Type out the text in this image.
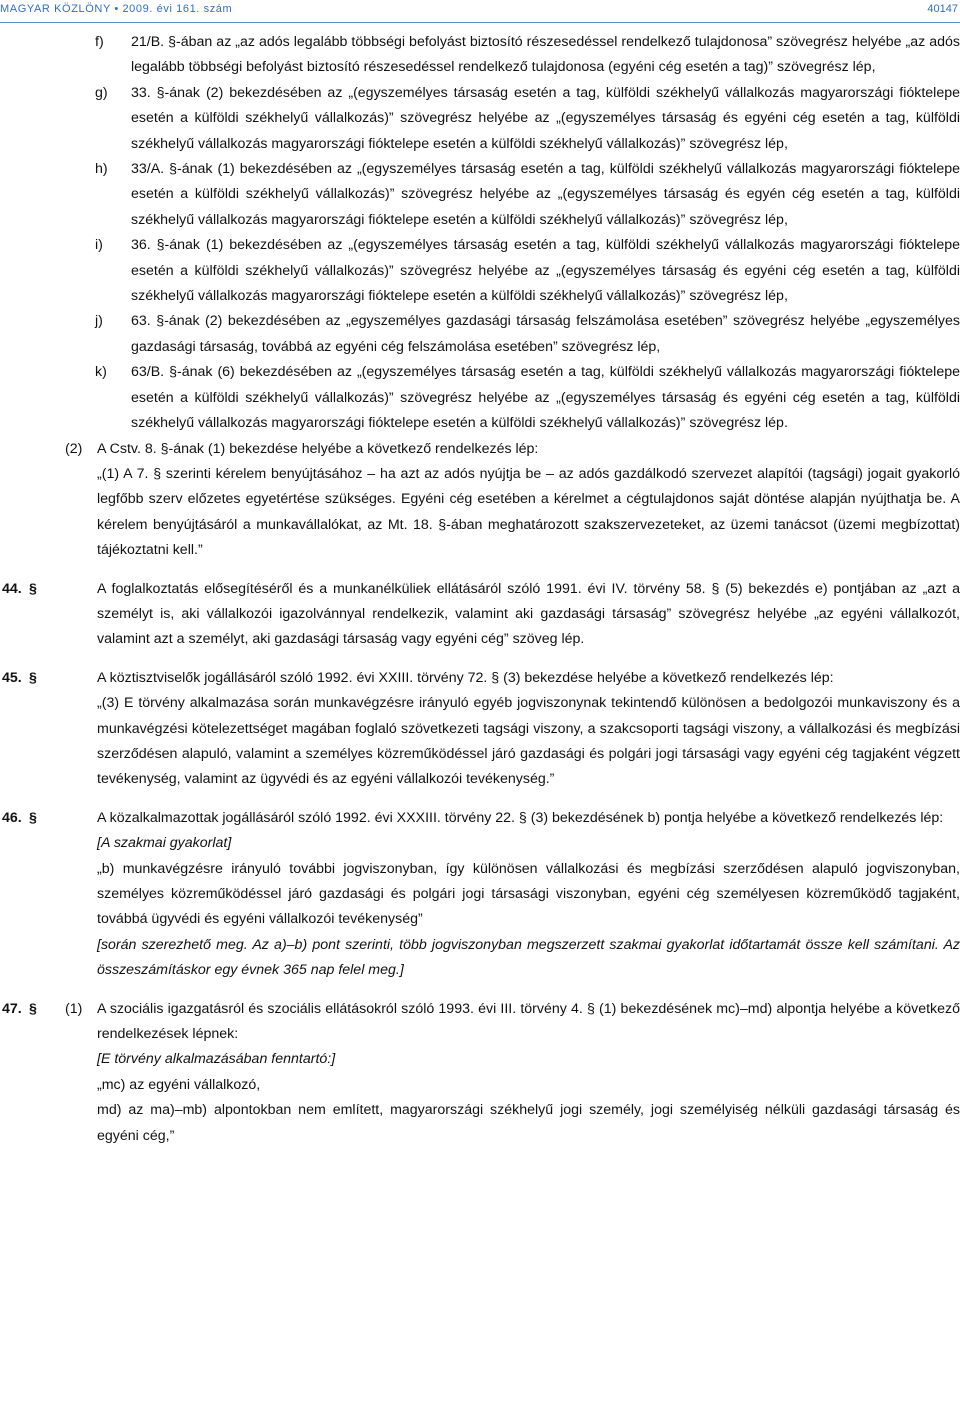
MAGYAR KÖZLÖNY • 2009. évi 161. szám	40147
f) 21/B. §-ában az „az adós legalább többségi befolyást biztosító részesedéssel rendelkező tulajdonosa” szövegrész helyébe „az adós legalább többségi befolyást biztosító részesedéssel rendelkező tulajdonosa (egyéni cég esetén a tag)” szövegrész lép,
g) 33. §-ának (2) bekezdésében az „(egyszemélyes társaság esetén a tag, külföldi székhelyű vállalkozás magyarországi fióktelepe esetén a külföldi székhelyű vállalkozás)” szövegrész helyébe az „(egyszemélyes társaság és egyéni cég esetén a tag, külföldi székhelyű vállalkozás magyarországi fióktelepe esetén a külföldi székhelyű vállalkozás)” szövegrész lép,
h) 33/A. §-ának (1) bekezdésében az „(egyszemélyes társaság esetén a tag, külföldi székhelyű vállalkozás magyarországi fióktelepe esetén a külföldi székhelyű vállalkozás)” szövegrész helyébe az „(egyszemélyes társaság és egyén cég esetén a tag, külföldi székhelyű vállalkozás magyarországi fióktelepe esetén a külföldi székhelyű vállalkozás)” szövegrész lép,
i) 36. §-ának (1) bekezdésében az „(egyszemélyes társaság esetén a tag, külföldi székhelyű vállalkozás magyarországi fióktelepe esetén a külföldi székhelyű vállalkozás)” szövegrész helyébe az „(egyszemélyes társaság és egyéni cég esetén a tag, külföldi székhelyű vállalkozás magyarországi fióktelepe esetén a külföldi székhelyű vállalkozás)” szövegrész lép,
j) 63. §-ának (2) bekezdésében az „egyszemélyes gazdasági társaság felszámolása esetében” szövegrész helyébe „egyszemélyes gazdasági társaság, továbbá az egyéni cég felszámolása esetében” szövegrész lép,
k) 63/B. §-ának (6) bekezdésében az „(egyszemélyes társaság esetén a tag, külföldi székhelyű vállalkozás magyarországi fióktelepe esetén a külföldi székhelyű vállalkozás)” szövegrész helyébe az „(egyszemélyes társaság és egyéni cég esetén a tag, külföldi székhelyű vállalkozás magyarországi fióktelepe esetén a külföldi székhelyű vállalkozás)” szövegrész lép.
(2) A Cstv. 8. §-ának (1) bekezdése helyébe a következő rendelkezés lép:
„(1) A 7. § szerinti kérelem benyújtásához – ha azt az adós nyújtja be – az adós gazdálkodó szervezet alapítói (tagsági) jogait gyakorló legfőbb szerv előzetes egyetértése szükséges. Egyéni cég esetében a kérelmet a cégtulajdonos saját döntése alapján nyújthatja be. A kérelem benyújtásáról a munkavállalókat, az Mt. 18. §-ában meghatározott szakszervezeteket, az üzemi tanácsot (üzemi megbízottat) tájékoztatni kell.”
44. §	A foglalkoztatás elősegítéséről és a munkanélküliek ellátásáról szóló 1991. évi IV. törvény 58. § (5) bekezdés e) pontjában az „azt a személyt is, aki vállalkozói igazolvánnyal rendelkezik, valamint aki gazdasági társaság” szövegrész helyébe „az egyéni vállalkozót, valamint azt a személyt, aki gazdasági társaság vagy egyéni cég” szöveg lép.
45. §	A köztisztviselők jogállásáról szóló 1992. évi XXIII. törvény 72. § (3) bekezdése helyébe a következő rendelkezés lép:
„(3) E törvény alkalmazása során munkavégzésre irányuló egyéb jogviszonynak tekintendő különösen a bedolgozói munkaviszony és a munkavégzési kötelezettséget magában foglaló szövetkezeti tagsági viszony, a szakcsoporti tagsági viszony, a vállalkozási és megbízási szerződésen alapuló, valamint a személyes közreműködéssel járó gazdasági és polgári jogi társasági vagy egyéni cég tagjaként végzett tevékenység, valamint az ügyvédi és az egyéni vállalkozói tevékenység.”
46. §	A közalkalmazottak jogállásáról szóló 1992. évi XXXIII. törvény 22. § (3) bekezdésének b) pontja helyébe a következő rendelkezés lép:
[A szakmai gyakorlat]
„b) munkavégzésre irányuló további jogviszonyban, így különösen vállalkozási és megbízási szerződésen alapuló jogviszonyban, személyes közreműködéssel járó gazdasági és polgári jogi társasági viszonyban, egyéni cég személyesen közreműködő tagjaként, továbbá ügyvédi és egyéni vállalkozói tevékenység”
[során szerezhető meg. Az a)–b) pont szerinti, több jogviszonyban megszerzett szakmai gyakorlat időtartamát össze kell számítani. Az összeszámításkor egy évnek 365 nap felel meg.]
47. § (1) A szociális igazgatásról és szociális ellátásokról szóló 1993. évi III. törvény 4. § (1) bekezdésének mc)–md) alpontja helyébe a következő rendelkezések lépnek:
[E törvény alkalmazásában fenntartó:]
„mc) az egyéni vállalkozó,
md) az ma)–mb) alpontokban nem említett, magyarországi székhelyű jogi személy, jogi személyiség nélküli gazdasági társaság és egyéni cég,”
